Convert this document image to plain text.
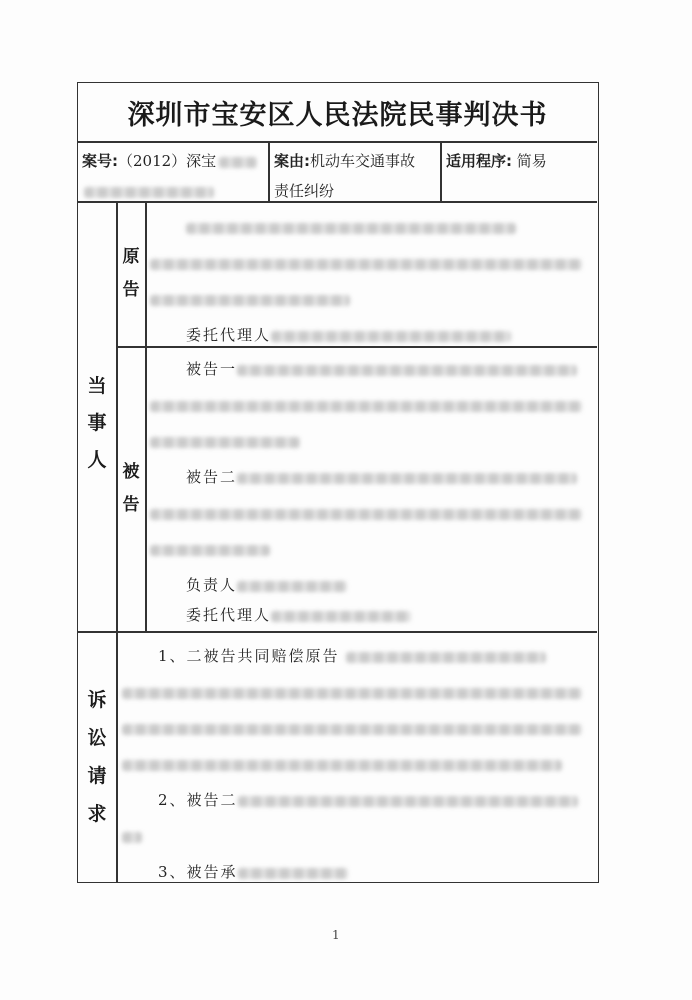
深圳市宝安区人民法院民事判决书
案号:（2012）深宝	案由:机动车交通事故
责任纠纷
适用程序: 简易
当
事
人
原
告
被
告
委托代理人
被告一
被告二
负责人
委托代理人
诉
讼
请
求
1、二被告共同赔偿原告
2、被告二
3、被告承
1
